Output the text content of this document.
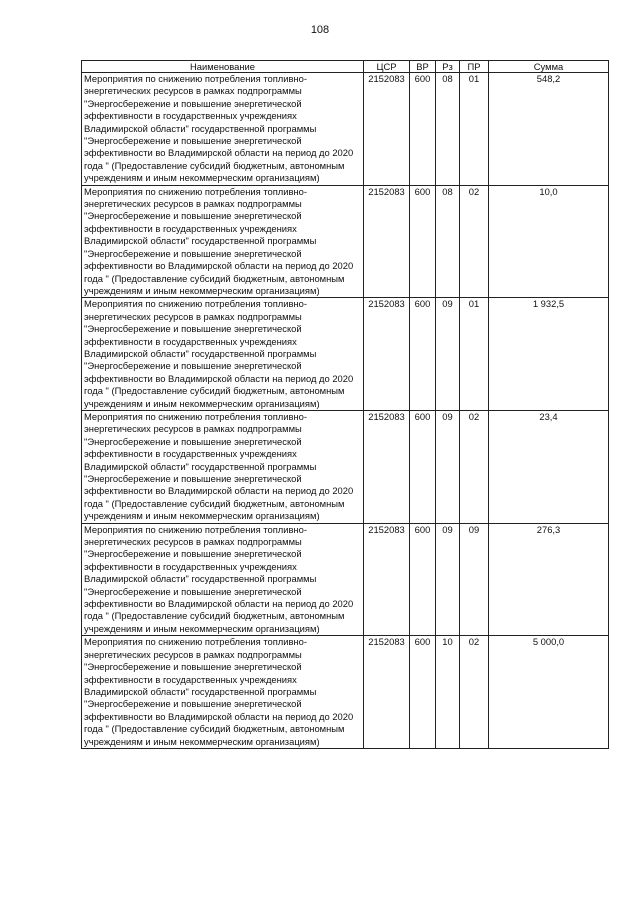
108
Наименование	ЦСР	ВР	Рз	ПР	Сумма
Мероприятия по снижению потребления топливно-энергетических ресурсов в рамках подпрограммы "Энергосбережение и повышение энергетической эффективности в государственных учреждениях Владимирской области" государственной программы "Энергосбережение и повышение энергетической эффективности во Владимирской области на период до 2020 года " (Предоставление субсидий бюджетным, автономным учреждениям и иным некоммерческим организациям)	2152083	600	08	01	548,2
Мероприятия по снижению потребления топливно-энергетических ресурсов в рамках подпрограммы "Энергосбережение и повышение энергетической эффективности в государственных учреждениях Владимирской области" государственной программы "Энергосбережение и повышение энергетической эффективности во Владимирской области на период до 2020 года " (Предоставление субсидий бюджетным, автономным учреждениям и иным некоммерческим организациям)	2152083	600	08	02	10,0
Мероприятия по снижению потребления топливно-энергетических ресурсов в рамках подпрограммы "Энергосбережение и повышение энергетической эффективности в государственных учреждениях Владимирской области" государственной программы "Энергосбережение и повышение энергетической эффективности во Владимирской области на период до 2020 года " (Предоставление субсидий бюджетным, автономным учреждениям и иным некоммерческим организациям)	2152083	600	09	01	1 932,5
Мероприятия по снижению потребления топливно-энергетических ресурсов в рамках подпрограммы "Энергосбережение и повышение энергетической эффективности в государственных учреждениях Владимирской области" государственной программы "Энергосбережение и повышение энергетической эффективности во Владимирской области на период до 2020 года " (Предоставление субсидий бюджетным, автономным учреждениям и иным некоммерческим организациям)	2152083	600	09	02	23,4
Мероприятия по снижению потребления топливно-энергетических ресурсов в рамках подпрограммы "Энергосбережение и повышение энергетической эффективности в государственных учреждениях Владимирской области" государственной программы "Энергосбережение и повышение энергетической эффективности во Владимирской области на период до 2020 года " (Предоставление субсидий бюджетным, автономным учреждениям и иным некоммерческим организациям)	2152083	600	09	09	276,3
Мероприятия по снижению потребления топливно-энергетических ресурсов в рамках подпрограммы "Энергосбережение и повышение энергетической эффективности в государственных учреждениях Владимирской области" государственной программы "Энергосбережение и повышение энергетической эффективности во Владимирской области на период до 2020 года " (Предоставление субсидий бюджетным, автономным учреждениям и иным некоммерческим организациям)	2152083	600	10	02	5 000,0
